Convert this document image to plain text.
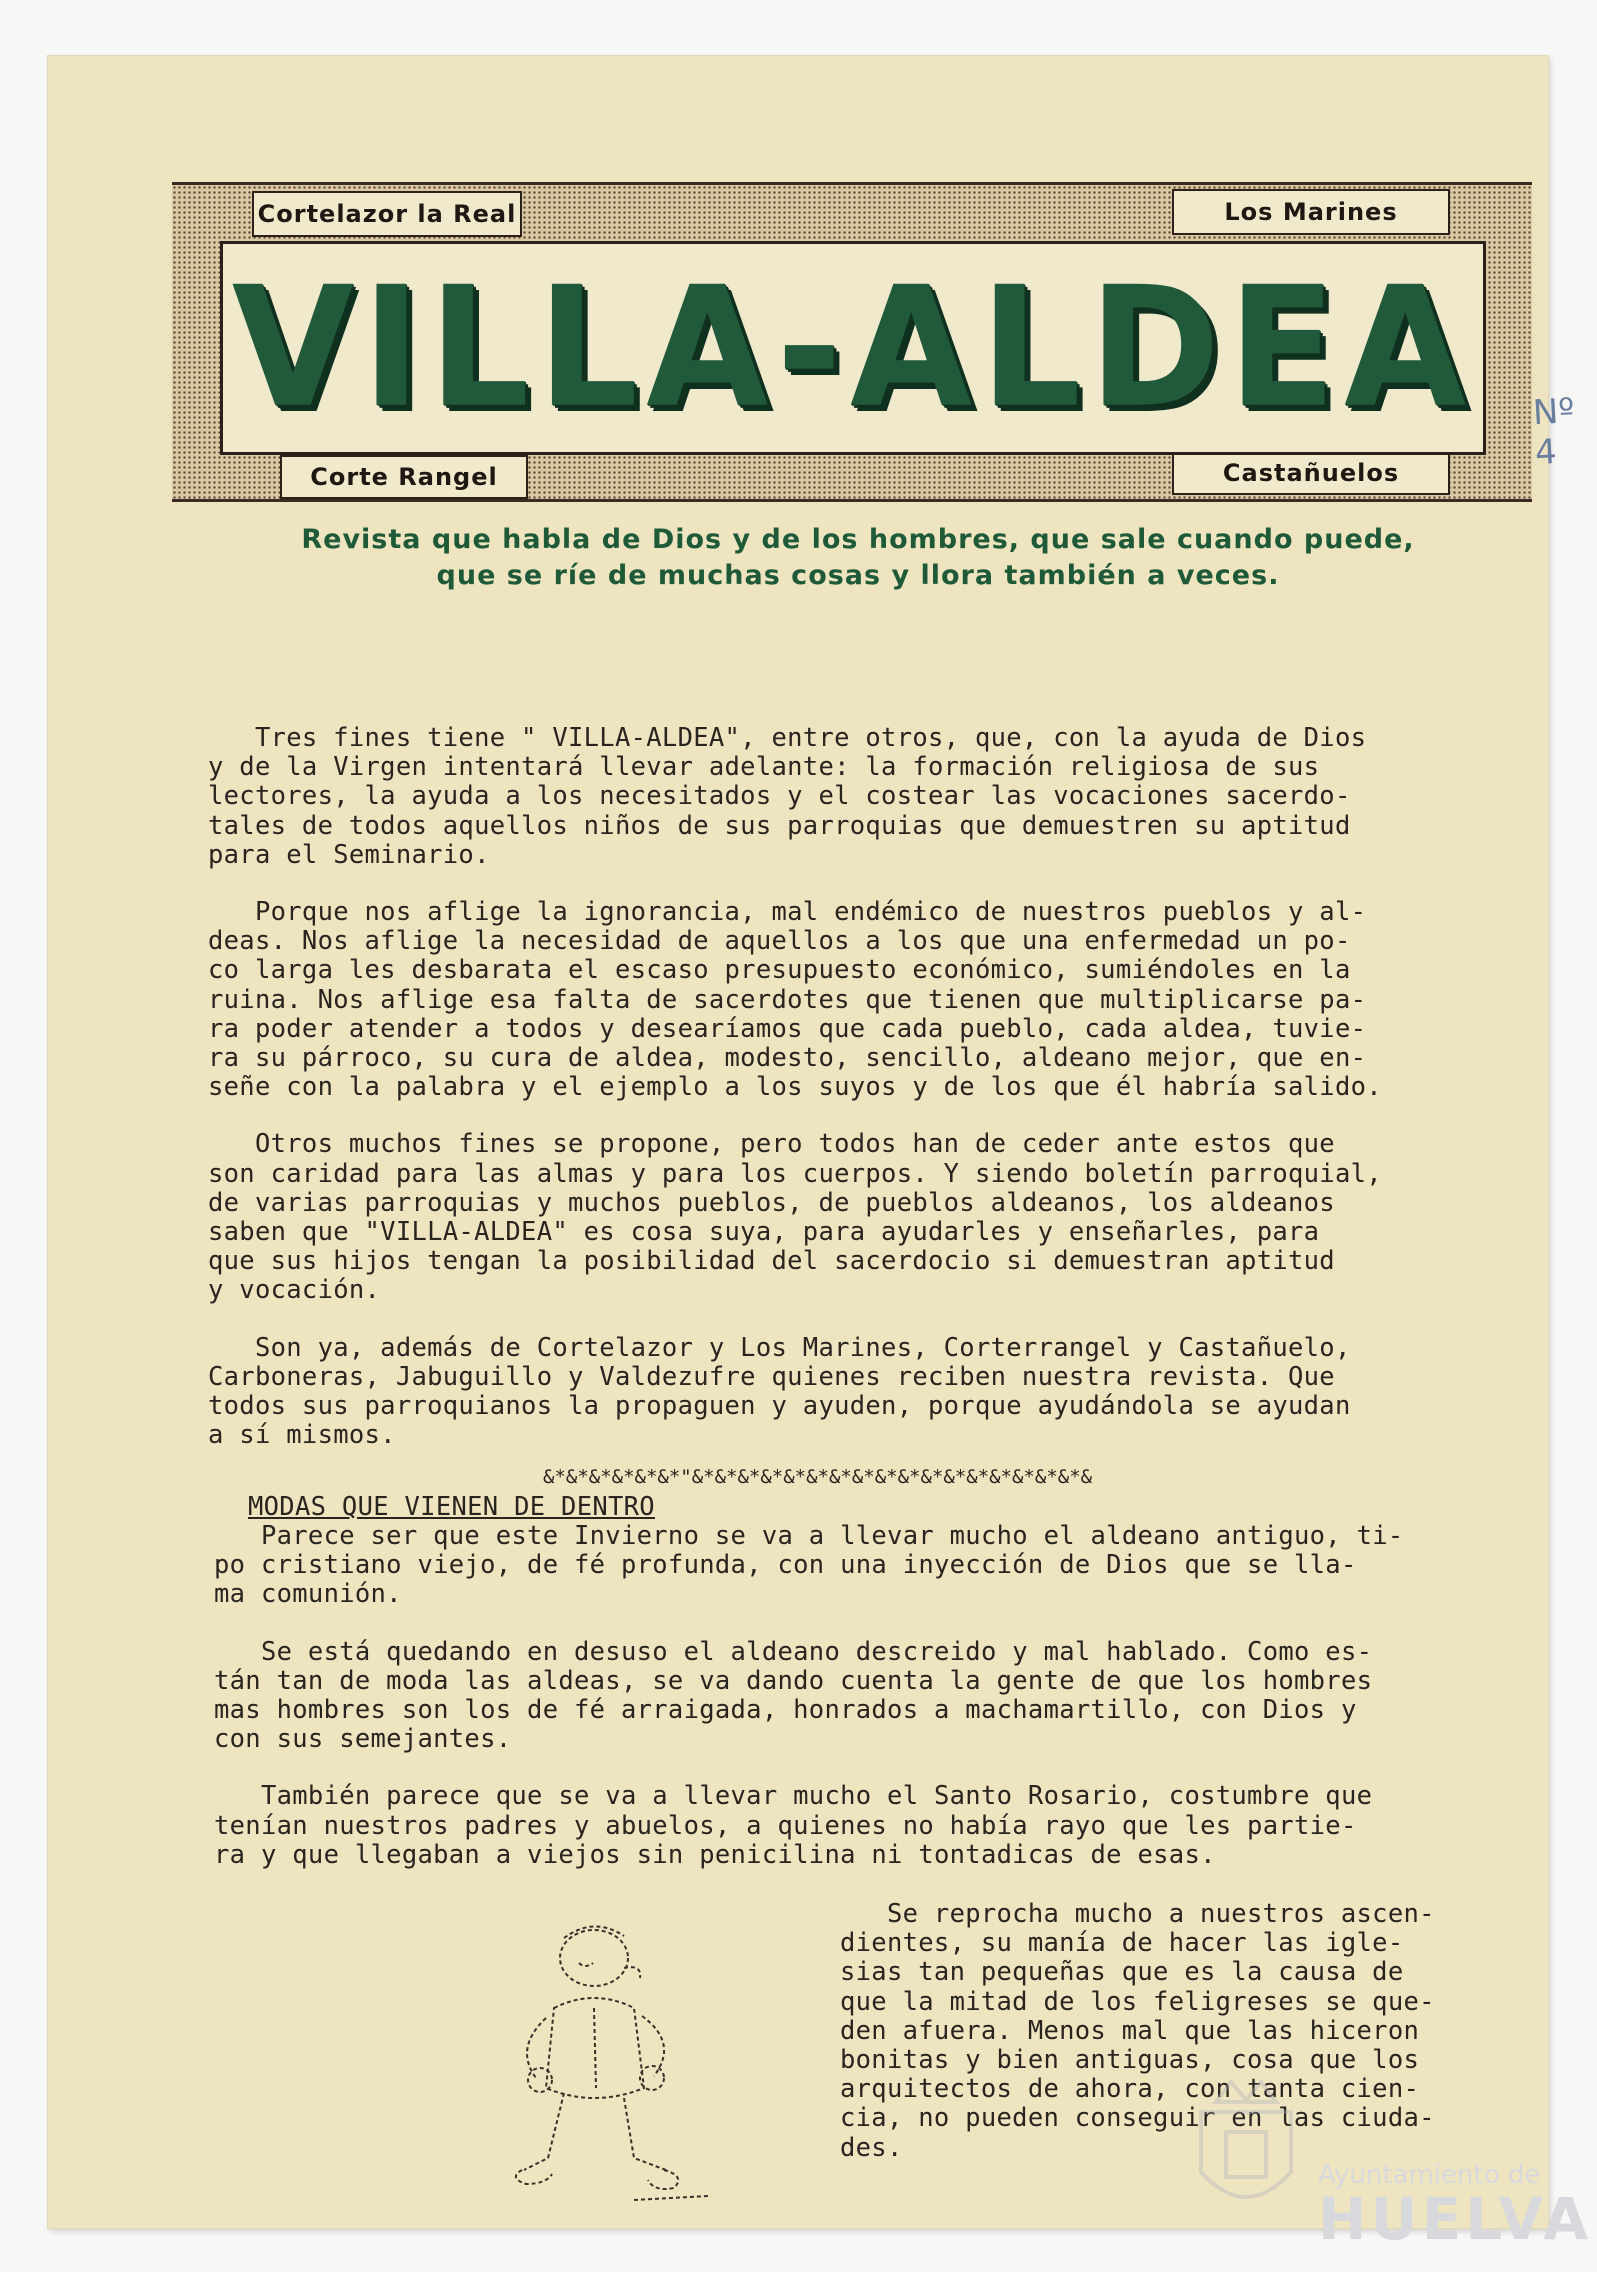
Cortelazor la Real	Los Marines
Corte Rangel	Castañuelos
VILLA-ALDEA Nº 4
Revista que habla de Dios y de los hombres, que sale cuando puede,
que se ríe de muchas cosas y llora también a veces.

Tres fines tiene " VILLA-ALDEA", entre otros, que, con la ayuda de Dios

y de la Virgen intentará llevar adelante: la formación religiosa de sus

lectores, la ayuda a los necesitados y el costear las vocaciones sacerdo-

tales de todos aquellos niños de sus parroquias que demuestren su aptitud

para el Seminario.

Porque nos aflige la ignorancia, mal endémico de nuestros pueblos y al-

deas. Nos aflige la necesidad de aquellos a los que una enfermedad un po-

co larga les desbarata el escaso presupuesto económico, sumiéndoles en la

ruina. Nos aflige esa falta de sacerdotes que tienen que multiplicarse pa-

ra poder atender a todos y desearíamos que cada pueblo, cada aldea, tuvie-

ra su párroco, su cura de aldea, modesto, sencillo, aldeano mejor, que en-

señe con la palabra y el ejemplo a los suyos y de los que él habría salido.

Otros muchos fines se propone, pero todos han de ceder ante estos que

son caridad para las almas y para los cuerpos. Y siendo boletín parroquial,

de varias parroquias y muchos pueblos, de pueblos aldeanos, los aldeanos

saben que "VILLA-ALDEA" es cosa suya, para ayudarles y enseñarles, para

que sus hijos tengan la posibilidad del sacerdocio si demuestran aptitud

y vocación.

Son ya, además de Cortelazor y Los Marines, Corterrangel y Castañuelo,

Carboneras, Jabuguillo y Valdezufre quienes reciben nuestra revista. Que

todos sus parroquianos la propaguen y ayuden, porque ayudándola se ayudan

a sí mismos.

&*&*&*&*&*&*"&*&*&*&*&*&*&*&*&*&*&*&*&*&*&*&*&*&
MODAS QUE VIENEN DE DENTRO

Parece ser que este Invierno se va a llevar mucho el aldeano antiguo, ti-

po cristiano viejo, de fé profunda, con una inyección de Dios que se lla-

ma comunión.

Se está quedando en desuso el aldeano descreido y mal hablado. Como es-

tán tan de moda las aldeas, se va dando cuenta la gente de que los hombres

mas hombres son los de fé arraigada, honrados a machamartillo, con Dios y

con sus semejantes.

También parece que se va a llevar mucho el Santo Rosario, costumbre que

tenían nuestros padres y abuelos, a quienes no había rayo que les partie-

ra y que llegaban a viejos sin penicilina ni tontadicas de esas.

Se reprocha mucho a nuestros ascen-

dientes, su manía de hacer las igle-

sias tan pequeñas que es la causa de

que la mitad de los feligreses se que-

den afuera. Menos mal que las hiceron

bonitas y bien antiguas, cosa que los

arquitectos de ahora, con tanta cien-

cia, no pueden conseguir en las ciuda-

des.

Ayuntamiento de
HUELVA
